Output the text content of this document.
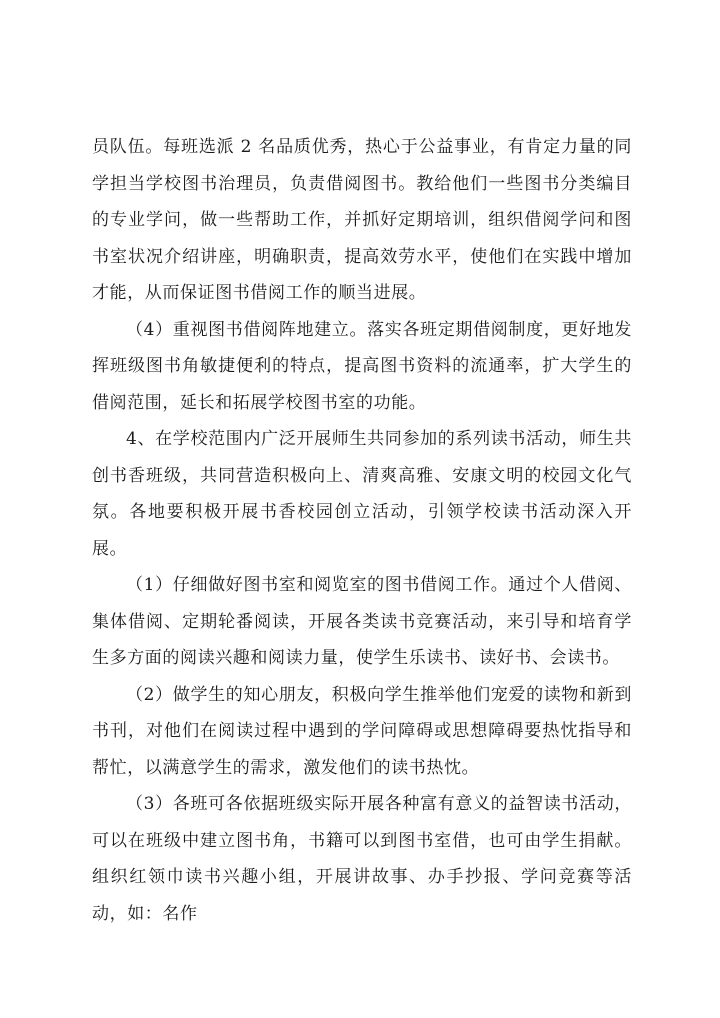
员队伍。每班选派 2 名品质优秀，热心于公益事业，有肯定力量的同学担当学校图书治理员，负责借阅图书。教给他们一些图书分类编目的专业学问，做一些帮助工作，并抓好定期培训，组织借阅学问和图书室状况介绍讲座，明确职责，提高效劳水平，使他们在实践中增加才能，从而保证图书借阅工作的顺当进展。

（4）重视图书借阅阵地建立。落实各班定期借阅制度，更好地发挥班级图书角敏捷便利的特点，提高图书资料的流通率，扩大学生的借阅范围，延长和拓展学校图书室的功能。

4、在学校范围内广泛开展师生共同参加的系列读书活动，师生共创书香班级，共同营造积极向上、清爽高雅、安康文明的校园文化气氛。各地要积极开展书香校园创立活动，引领学校读书活动深入开展。

（1）仔细做好图书室和阅览室的图书借阅工作。通过个人借阅、集体借阅、定期轮番阅读，开展各类读书竞赛活动，来引导和培育学生多方面的阅读兴趣和阅读力量，使学生乐读书、读好书、会读书。

（2）做学生的知心朋友，积极向学生推举他们宠爱的读物和新到书刊，对他们在阅读过程中遇到的学问障碍或思想障碍要热忱指导和帮忙，以满意学生的需求，激发他们的读书热忱。

（3）各班可各依据班级实际开展各种富有意义的益智读书活动，可以在班级中建立图书角，书籍可以到图书室借，也可由学生捐献。组织红领巾读书兴趣小组，开展讲故事、办手抄报、学问竞赛等活动，如：名作
